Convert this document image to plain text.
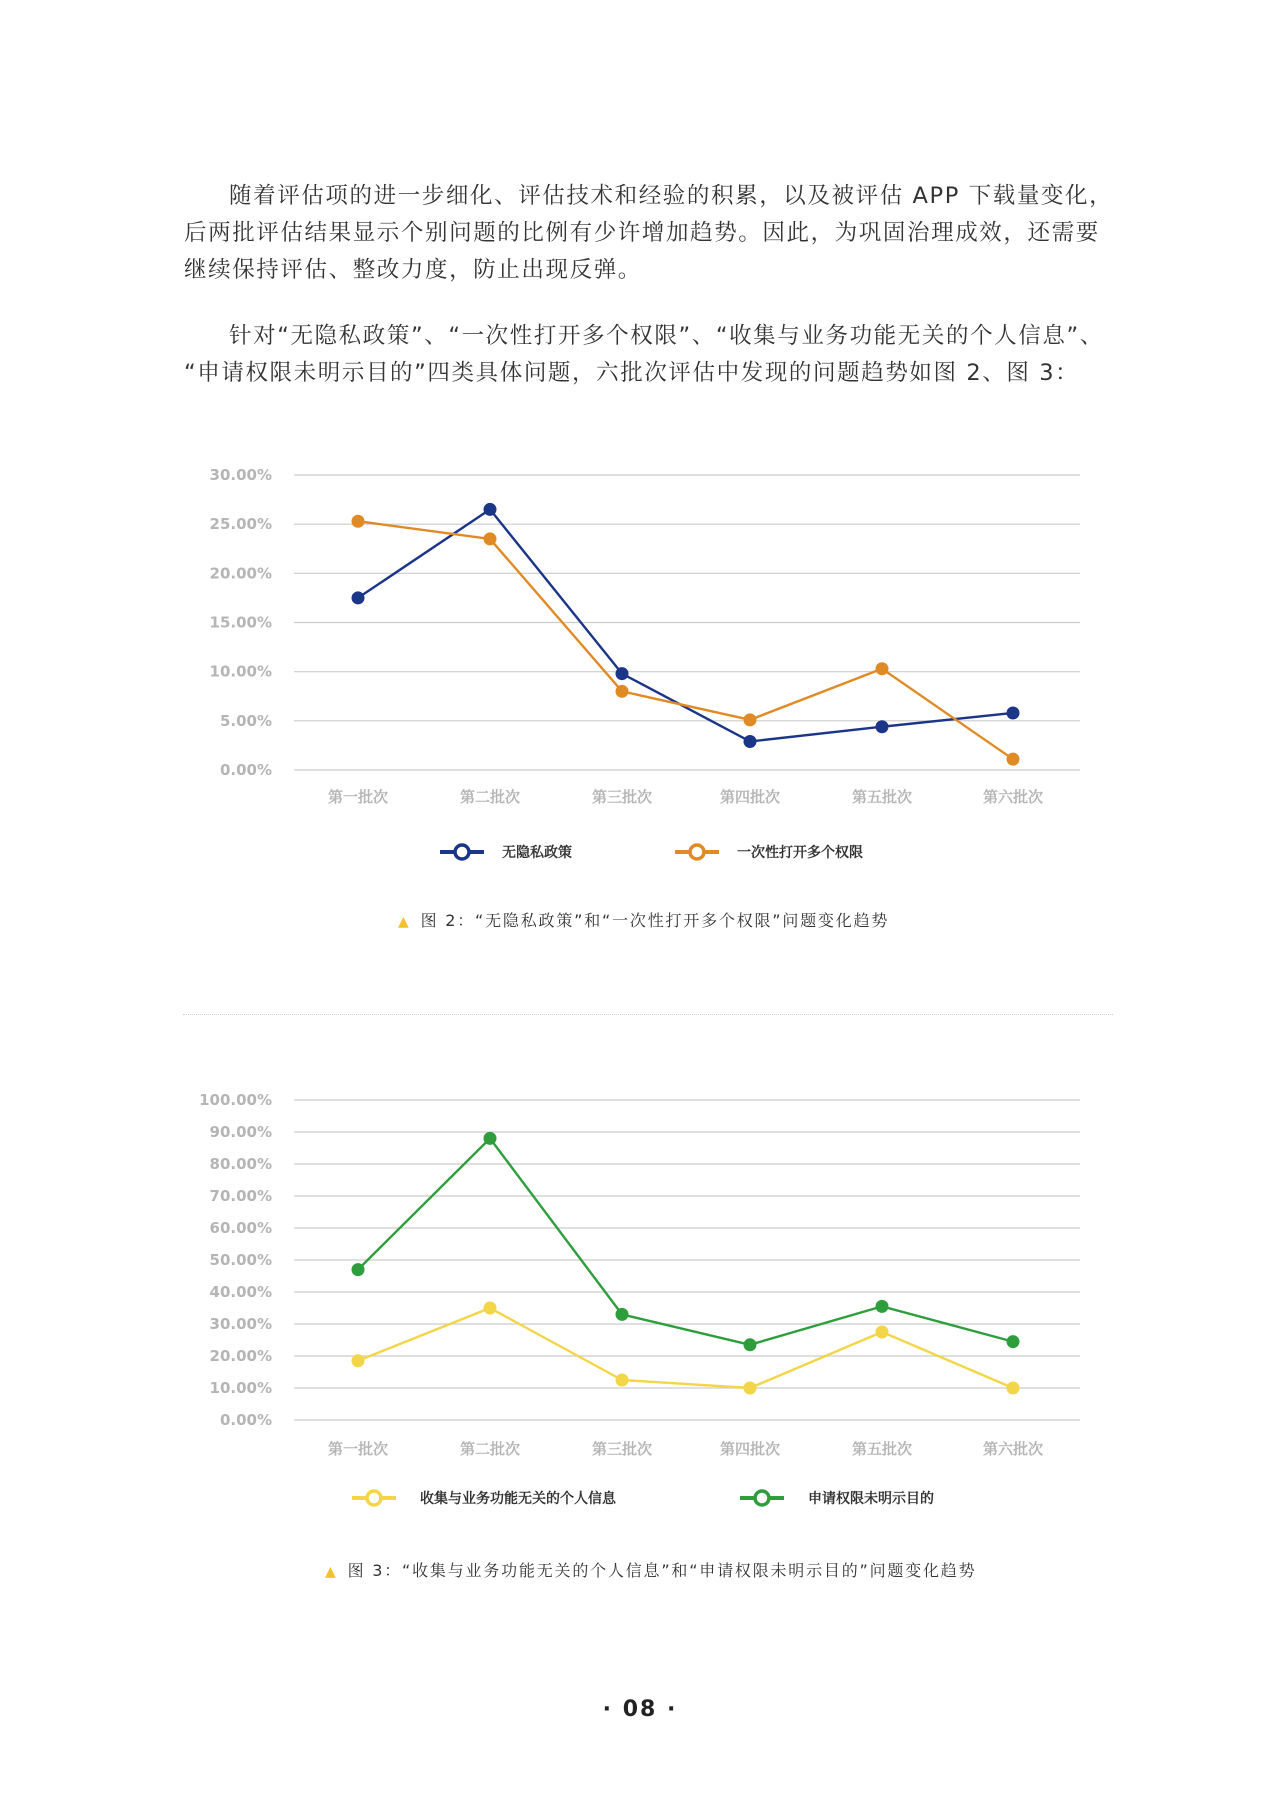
随着评估项的进一步细化、评估技术和经验的积累，以及被评估 APP 下载量变化，
后两批评估结果显示个别问题的比例有少许增加趋势。因此，为巩固治理成效，还需要
继续保持评估、整改力度，防止出现反弹。
针对“无隐私政策”、“一次性打开多个权限”、“收集与业务功能无关的个人信息”、
“申请权限未明示目的”四类具体问题，六批次评估中发现的问题趋势如图 2、图 3：
0.00%
5.00%
10.00%
15.00%
20.00%
25.00%
30.00%
第一批次	第二批次	第三批次	第四批次	第五批次	第六批次
无隐私政策	一次性打开多个权限
▲ 图 2：“无隐私政策”和“一次性打开多个权限”问题变化趋势
0.00%
10.00%
20.00%
30.00%
40.00%
50.00%
60.00%
70.00%
80.00%
90.00%
100.00%
第一批次	第二批次	第三批次	第四批次	第五批次	第六批次
收集与业务功能无关的个人信息	申请权限未明示目的
▲ 图 3：“收集与业务功能无关的个人信息”和“申请权限未明示目的”问题变化趋势
· 08 ·
